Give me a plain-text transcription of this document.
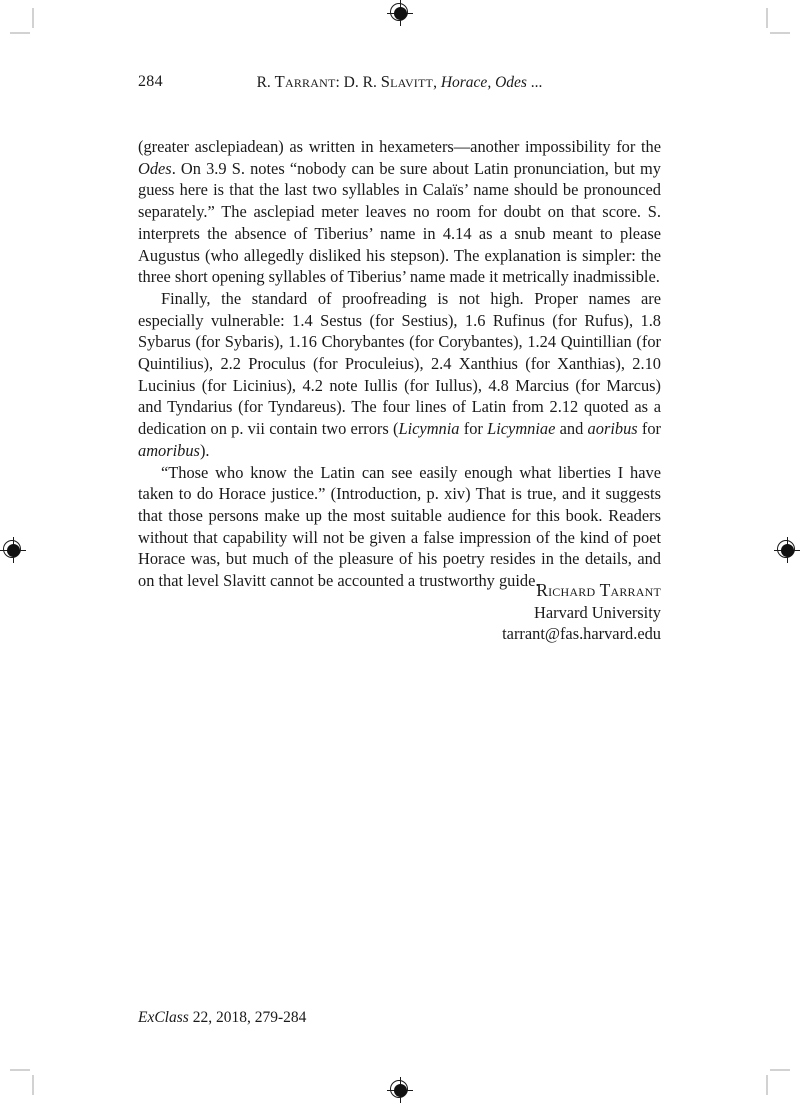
284	R. Tarrant: D. R. Slavitt, Horace, Odes ...

(greater asclepiadean) as written in hexameters—another impossibility for the Odes. On 3.9 S. notes “nobody can be sure about Latin pronunciation, but my guess here is that the last two syllables in Calaïs’ name should be pronounced separately.” The asclepiad meter leaves no room for doubt on that score. S. interprets the absence of Tiberius’ name in 4.14 as a snub meant to please Augustus (who allegedly disliked his stepson). The explanation is simpler: the three short opening syllables of Tiberius’ name made it metrically inadmissible.

Finally, the standard of proofreading is not high. Proper names are especially vulnerable: 1.4 Sestus (for Sestius), 1.6 Rufinus (for Rufus), 1.8 Sybarus (for Sybaris), 1.16 Chorybantes (for Corybantes), 1.24 Quintillian (for Quintilius), 2.2 Proculus (for Proculeius), 2.4 Xanthius (for Xanthias), 2.10 Lucinius (for Licinius), 4.2 note Iullis (for Iullus), 4.8 Marcius (for Marcus) and Tyndarius (for Tyndareus). The four lines of Latin from 2.12 quoted as a dedication on p. vii contain two errors (Licymnia for Licymniae and aoribus for amoribus).

“Those who know the Latin can see easily enough what liberties I have taken to do Horace justice.” (Introduction, p. xiv) That is true, and it suggests that those persons make up the most suitable audience for this book. Readers without that capability will not be given a false impression of the kind of poet Horace was, but much of the pleasure of his poetry resides in the details, and on that level Slavitt cannot be accounted a trustworthy guide.

Richard Tarrant
Harvard University
tarrant@fas.harvard.edu
ExClass 22, 2018, 279-284
